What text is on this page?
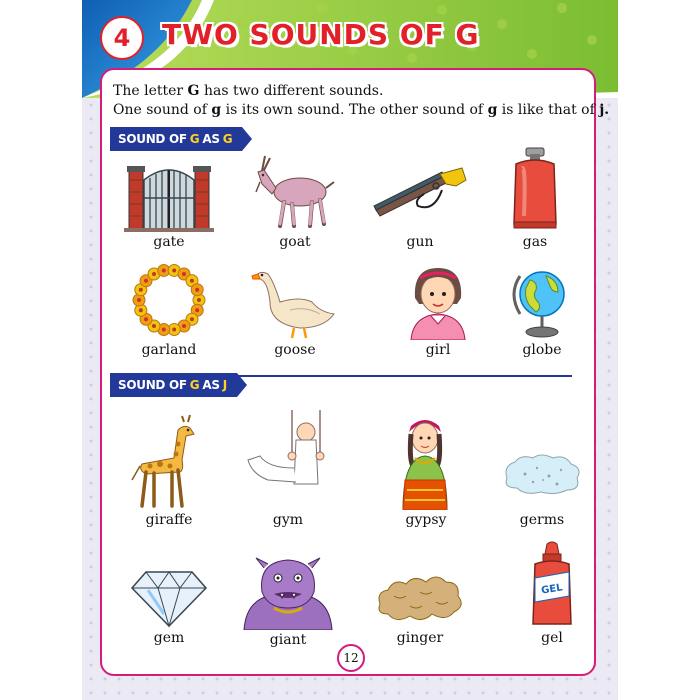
4	TWO SOUNDS OF G
The letter G has two different sounds.
One sound of g is its own sound. The other sound of g is like that of j.
SOUND OF G AS G
gate	goat	gun	gas
garland	goose	girl	globe
SOUND OF G AS J
giraffe	gym	gypsy	germs
gem	giant	ginger
GEL
gel
12
